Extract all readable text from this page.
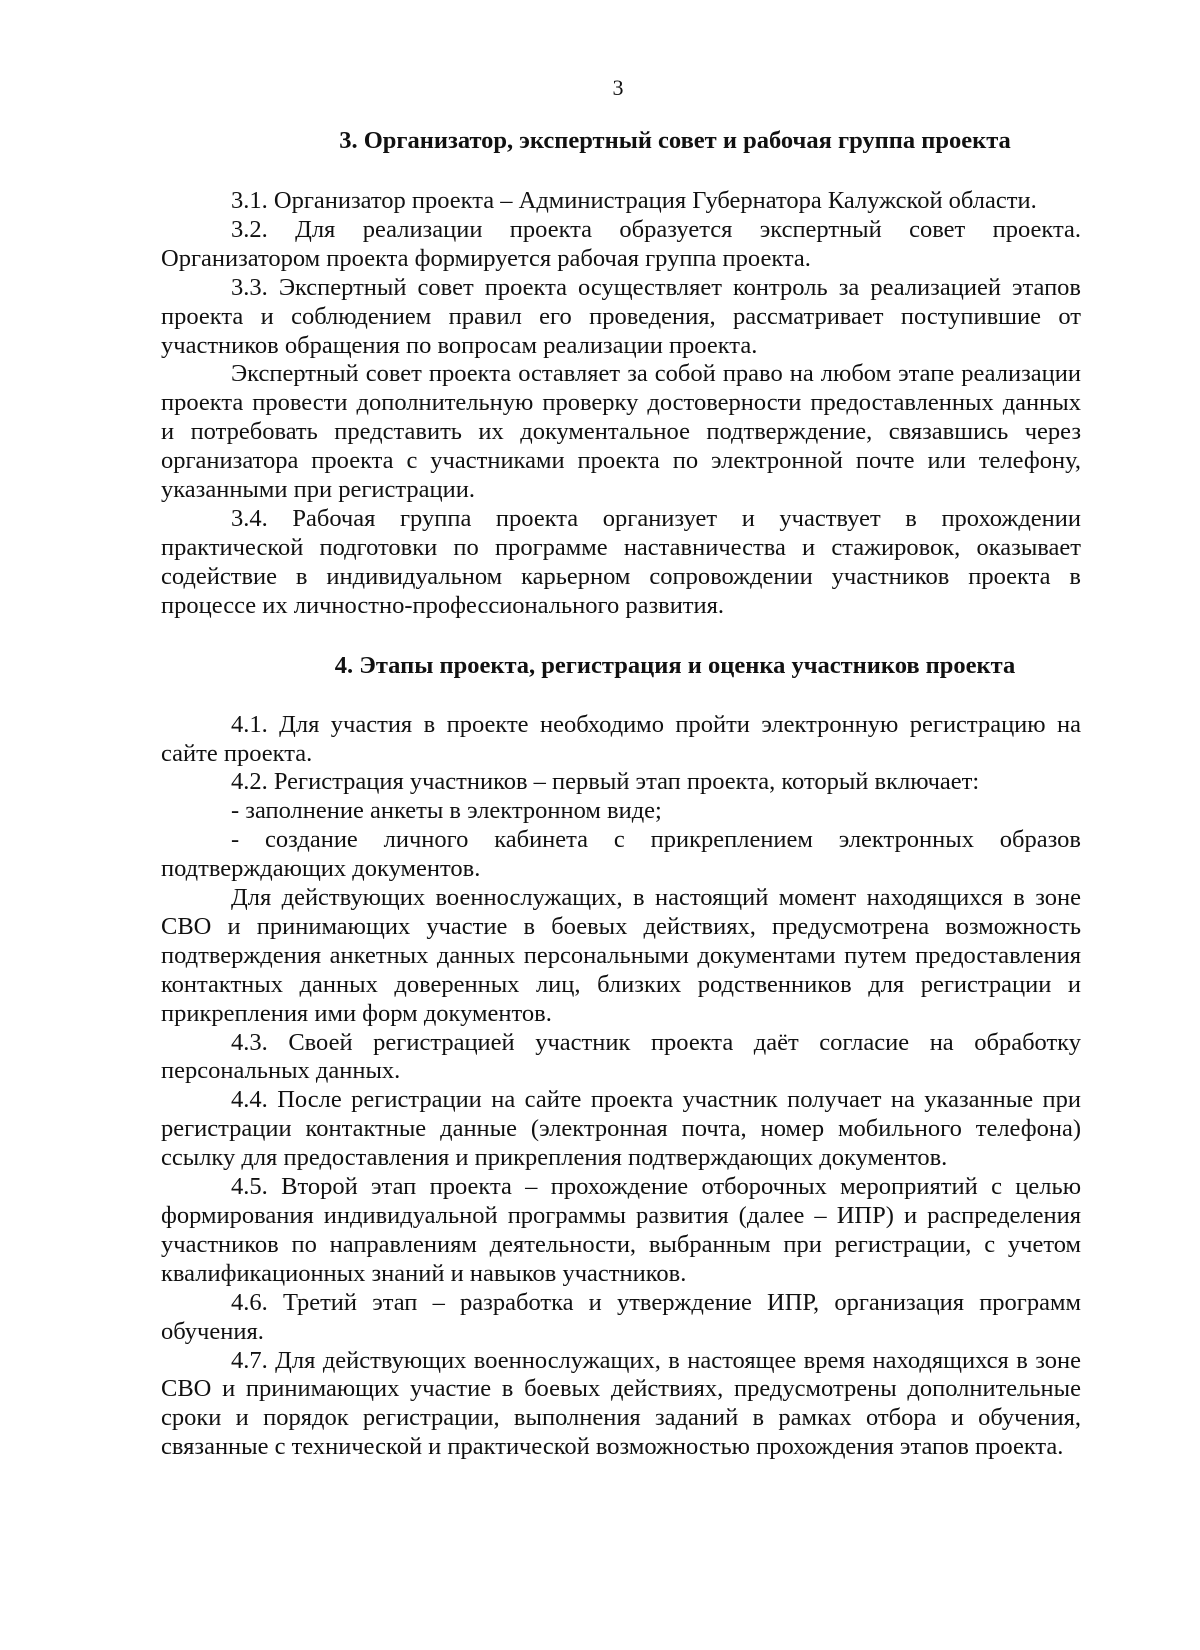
3
3. Организатор, экспертный совет и рабочая группа проекта

3.1. Организатор проекта – Администрация Губернатора Калужской области.

3.2. Для реализации проекта образуется экспертный совет проекта. Организатором проекта формируется рабочая группа проекта.

3.3. Экспертный совет проекта осуществляет контроль за реализацией этапов проекта и соблюдением правил его проведения, рассматривает поступившие от участников обращения по вопросам реализации проекта.

Экспертный совет проекта оставляет за собой право на любом этапе реализации проекта провести дополнительную проверку достоверности предоставленных данных и потребовать представить их документальное подтверждение, связавшись через организатора проекта с участниками проекта по электронной почте или телефону, указанными при регистрации.

3.4. Рабочая группа проекта организует и участвует в прохождении практической подготовки по программе наставничества и стажировок, оказывает содействие в индивидуальном карьерном сопровождении участников проекта в процессе их личностно-профессионального развития.

4. Этапы проекта, регистрация и оценка участников проекта

4.1. Для участия в проекте необходимо пройти электронную регистрацию на сайте проекта.

4.2. Регистрация участников – первый этап проекта, который включает:

- заполнение анкеты в электронном виде;

- создание личного кабинета с прикреплением электронных образов подтверждающих документов.

Для действующих военнослужащих, в настоящий момент находящихся в зоне СВО и принимающих участие в боевых действиях, предусмотрена возможность подтверждения анкетных данных персональными документами путем предоставления контактных данных доверенных лиц, близких родственников для регистрации и прикрепления ими форм документов.

4.3. Своей регистрацией участник проекта даёт согласие на обработку персональных данных.

4.4. После регистрации на сайте проекта участник получает на указанные при регистрации контактные данные (электронная почта, номер мобильного телефона) ссылку для предоставления и прикрепления подтверждающих документов.

4.5. Второй этап проекта – прохождение отборочных мероприятий с целью формирования индивидуальной программы развития (далее – ИПР) и распределения участников по направлениям деятельности, выбранным при регистрации, с учетом квалификационных знаний и навыков участников.

4.6. Третий этап – разработка и утверждение ИПР, организация программ обучения.

4.7. Для действующих военнослужащих, в настоящее время находящихся в зоне СВО и принимающих участие в боевых действиях, предусмотрены дополнительные сроки и порядок регистрации, выполнения заданий в рамках отбора и обучения, связанные с технической и практической возможностью прохождения этапов проекта.
